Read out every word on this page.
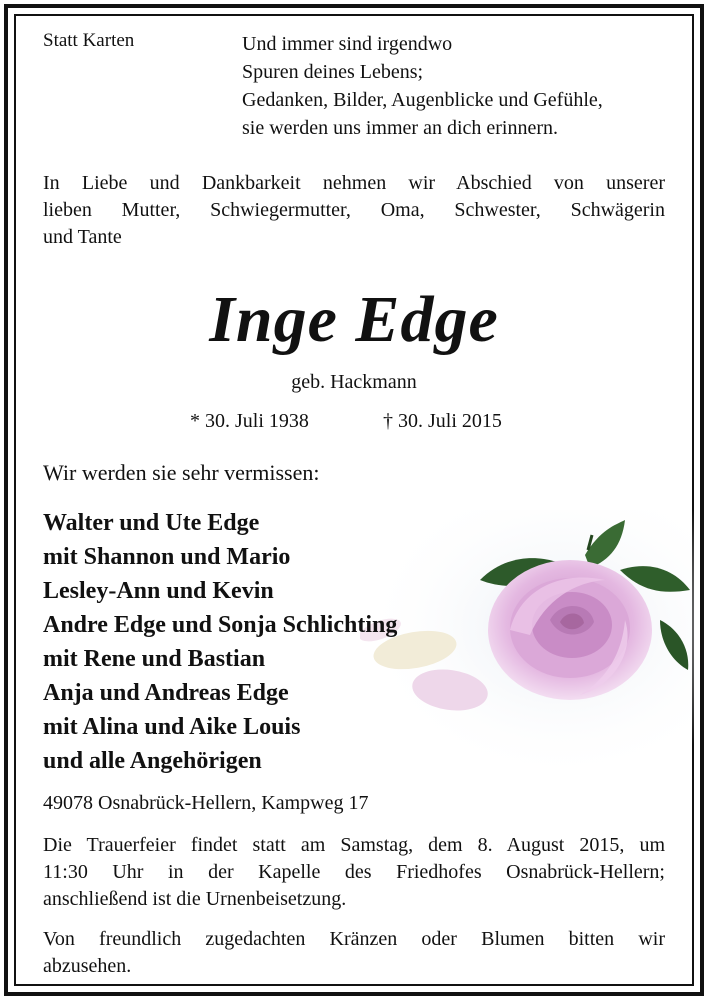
Statt Karten	Und immer sind irgendwo
Spuren deines Lebens;
Gedanken, Bilder, Augenblicke und Gefühle,
sie werden uns immer an dich erinnern.
In Liebe und Dankbarkeit nehmen wir Abschied von unserer
lieben Mutter, Schwiegermutter, Oma, Schwester, Schwägerin
und Tante
Inge Edge
geb. Hackmann
* 30. Juli 1938	† 30. Juli 2015
Wir werden sie sehr vermissen:
Walter und Ute Edge
mit Shannon und Mario
Lesley-Ann und Kevin
Andre Edge und Sonja Schlichting
mit Rene und Bastian
Anja und Andreas Edge
mit Alina und Aike Louis
und alle Angehörigen
49078 Osnabrück-Hellern, Kampweg 17
Die Trauerfeier findet statt am Samstag, dem 8. August 2015, um
11:30 Uhr in der Kapelle des Friedhofes Osnabrück-Hellern;
anschließend ist die Urnenbeisetzung.
Von freundlich zugedachten Kränzen oder Blumen bitten wir
abzusehen.
